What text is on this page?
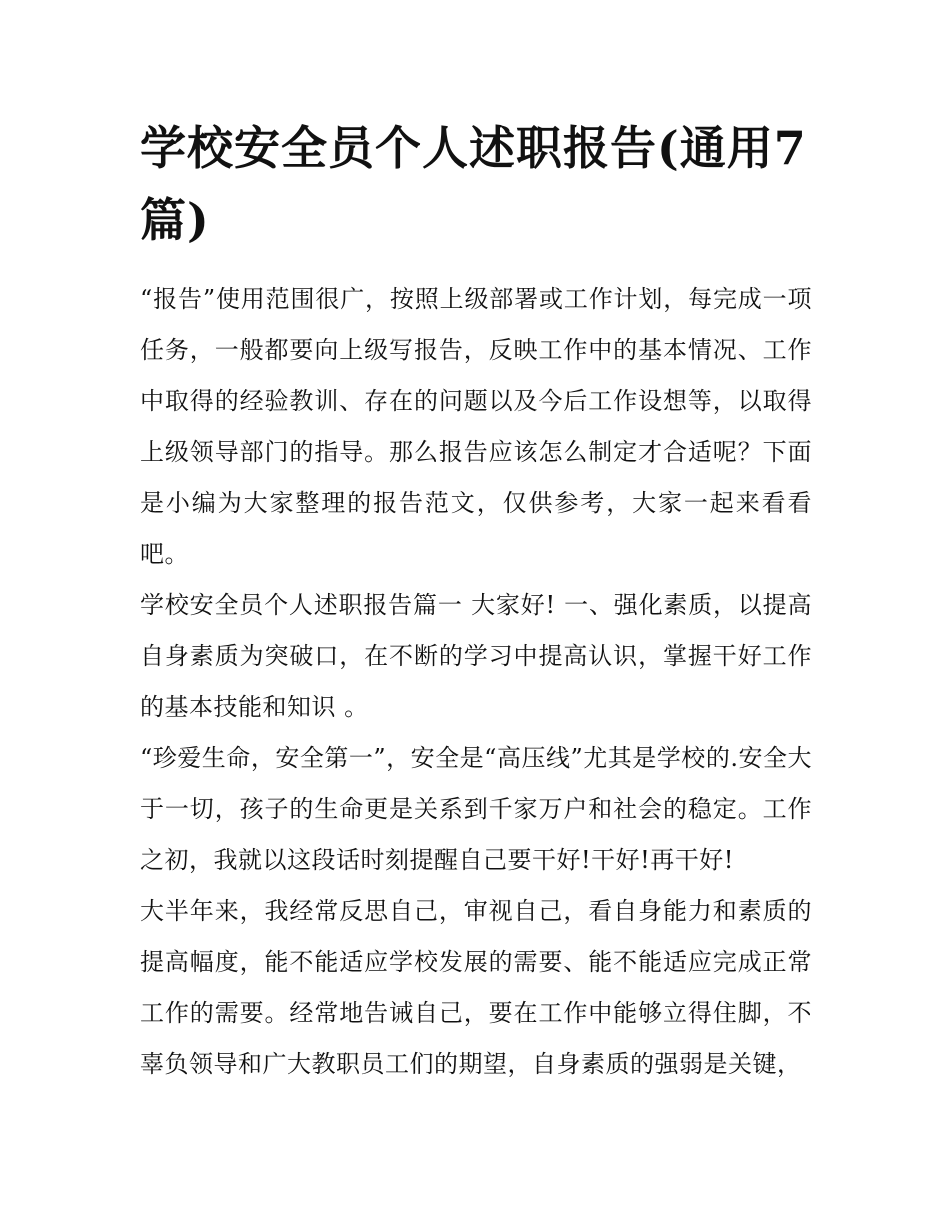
学校安全员个人述职报告(通用7篇)

“报告”使用范围很广，按照上级部署或工作计划，每完成一项任务，一般都要向上级写报告，反映工作中的基本情况、工作中取得的经验教训、存在的问题以及今后工作设想等，以取得上级领导部门的指导。那么报告应该怎么制定才合适呢？下面是小编为大家整理的报告范文，仅供参考，大家一起来看看吧。

学校安全员个人述职报告篇一 大家好! 一、强化素质，以提高自身素质为突破口，在不断的学习中提高认识，掌握干好工作的基本技能和知识 。

“珍爱生命，安全第一”，安全是“高压线”尤其是学校的.安全大于一切，孩子的生命更是关系到千家万户和社会的稳定。工作之初，我就以这段话时刻提醒自己要干好!干好!再干好!

大半年来，我经常反思自己，审视自己，看自身能力和素质的提高幅度，能不能适应学校发展的需要、能不能适应完成正常工作的需要。经常地告诫自己，要在工作中能够立得住脚，不辜负领导和广大教职员工们的期望，自身素质的强弱是关键，
